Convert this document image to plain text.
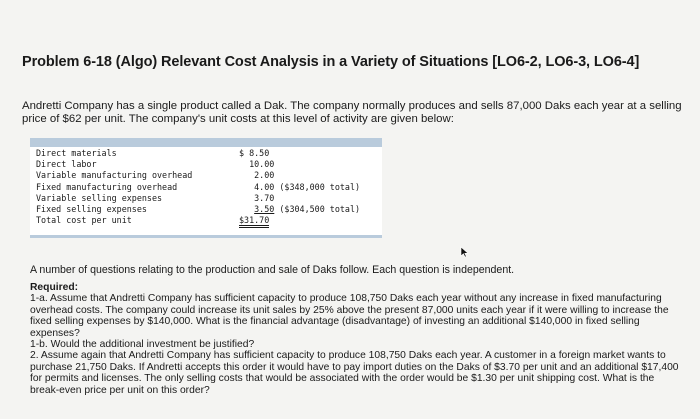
Problem 6-18 (Algo) Relevant Cost Analysis in a Variety of Situations [LO6-2, LO6-3, LO6-4]
Andretti Company has a single product called a Dak. The company normally produces and sells 87,000 Daks each year at a selling price of $62 per unit. The company's unit costs at this level of activity are given below:
Direct materials	$ 8.50
Direct labor	10.00
Variable manufacturing overhead	2.00
Fixed manufacturing overhead	4.00 ($348,000 total)
Variable selling expenses	3.70
Fixed selling expenses	3.50 ($304,500 total)
Total cost per unit	$31.70
A number of questions relating to the production and sale of Daks follow. Each question is independent.

Required:

1-a. Assume that Andretti Company has sufficient capacity to produce 108,750 Daks each year without any increase in fixed manufacturing overhead costs. The company could increase its unit sales by 25% above the present 87,000 units each year if it were willing to increase the fixed selling expenses by $140,000. What is the financial advantage (disadvantage) of investing an additional $140,000 in fixed selling expenses?

1-b. Would the additional investment be justified?

2. Assume again that Andretti Company has sufficient capacity to produce 108,750 Daks each year. A customer in a foreign market wants to purchase 21,750 Daks. If Andretti accepts this order it would have to pay import duties on the Daks of $3.70 per unit and an additional $17,400 for permits and licenses. The only selling costs that would be associated with the order would be $1.30 per unit shipping cost. What is the break-even price per unit on this order?
